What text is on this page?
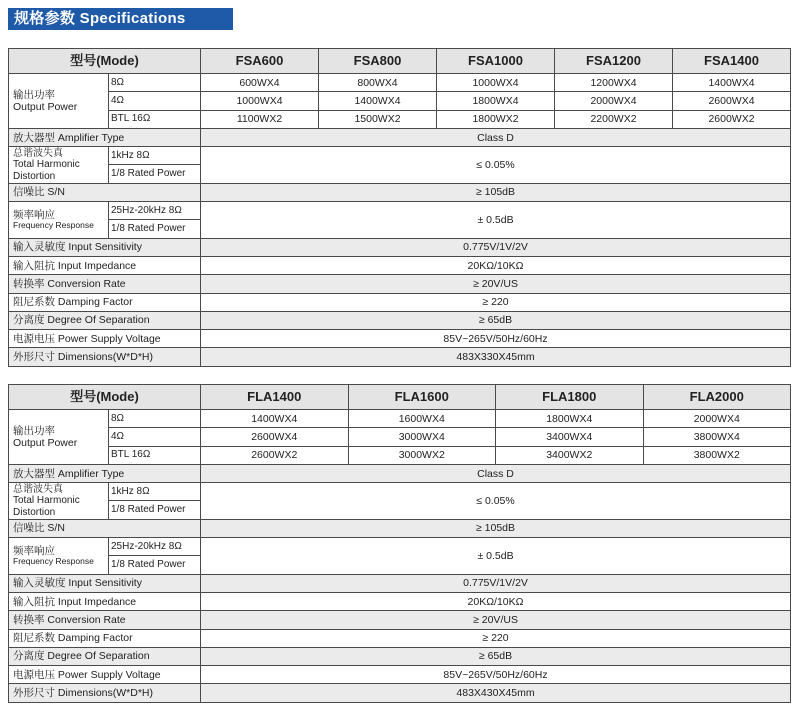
规格参数 Specifications
型号(Mode)		FSA600	FSA800	FSA1000	FSA1200	FSA1400

输出功率
Output Power	8Ω	600WX4	800WX4	1000WX4	1200WX4	1400WX4
	4Ω	1000WX4	1400WX4	1800WX4	2000WX4	2600WX4
	BTL 16Ω	1100WX2	1500WX2	1800WX2	2200WX2	2600WX2
放大器型 Amplifier Type		Class D				

总谐波失真
Total Harmonic
Distortion	1kHz 8Ω	≤ 0.05%				
	1/8 Rated Power					
信噪比 S/N		≥ 105dB				

频率响应
Frequency Response	25Hz-20kHz 8Ω	± 0.5dB				
	1/8 Rated Power					
输入灵敏度 Input Sensitivity		0.775V/1V/2V				
输入阻抗 Input Impedance		20KΩ/10KΩ				
转换率 Conversion Rate		≥ 20V/US				
阻尼系数 Damping Factor		≥ 220				
分离度 Degree Of Separation		≥ 65dB				
电源电压 Power Supply Voltage		85V~265V/50Hz/60Hz				
外形尺寸 Dimensions(W*D*H)		483X330X45mm				
型号(Mode)		FLA1400	FLA1600	FLA1800	FLA2000

输出功率
Output Power	8Ω	1400WX4	1600WX4	1800WX4	2000WX4
	4Ω	2600WX4	3000WX4	3400WX4	3800WX4
	BTL 16Ω	2600WX2	3000WX2	3400WX2	3800WX2
放大器型 Amplifier Type		Class D			

总谐波失真
Total Harmonic
Distortion	1kHz 8Ω	≤ 0.05%			
	1/8 Rated Power				
信噪比 S/N		≥ 105dB			

频率响应
Frequency Response	25Hz-20kHz 8Ω	± 0.5dB			
	1/8 Rated Power				
输入灵敏度 Input Sensitivity		0.775V/1V/2V			
输入阻抗 Input Impedance		20KΩ/10KΩ			
转换率 Conversion Rate		≥ 20V/US			
阻尼系数 Damping Factor		≥ 220			
分离度 Degree Of Separation		≥ 65dB			
电源电压 Power Supply Voltage		85V~265V/50Hz/60Hz			
外形尺寸 Dimensions(W*D*H)		483X430X45mm			
